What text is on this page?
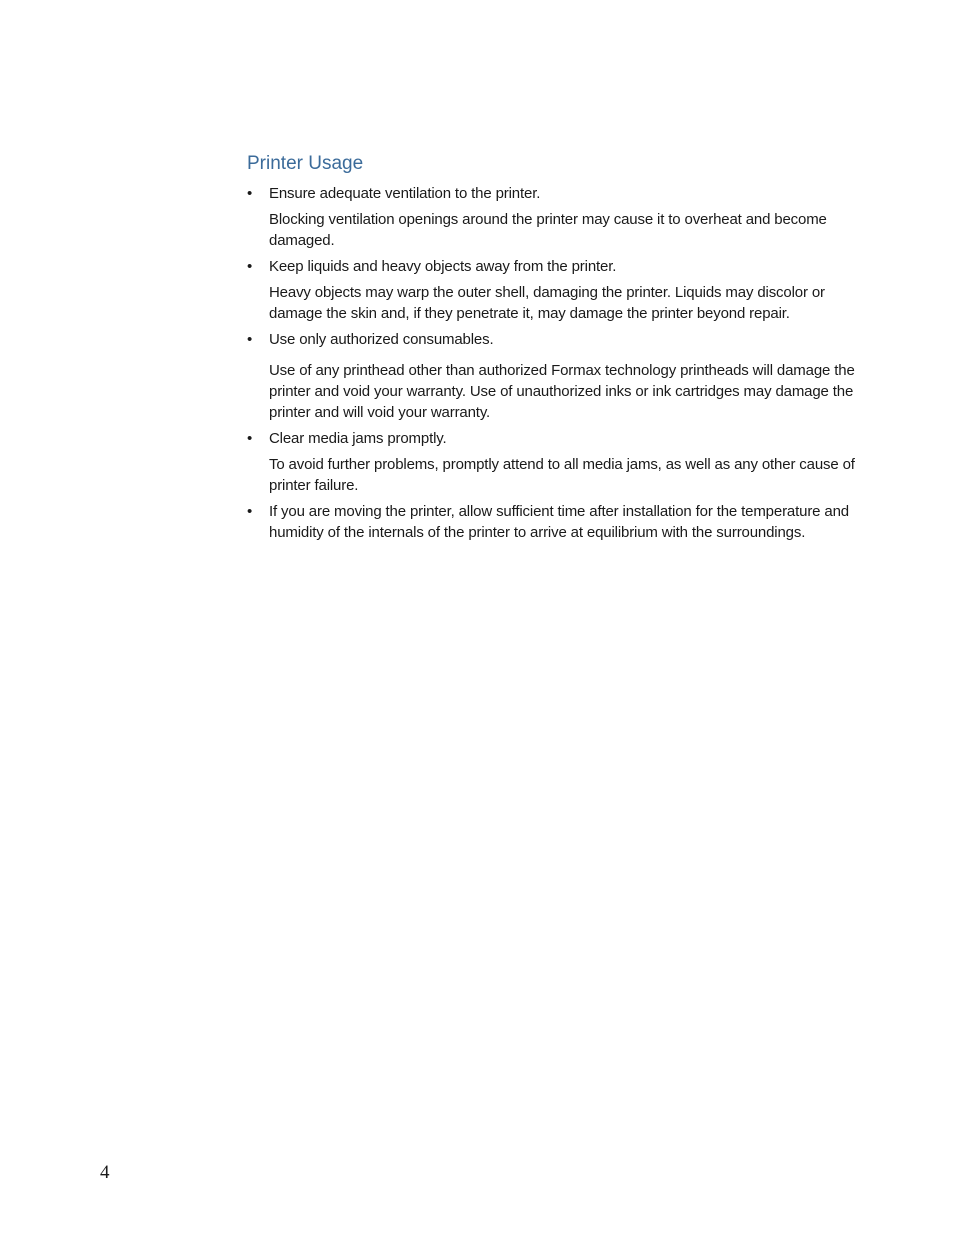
Printer Usage
• Ensure adequate ventilation to the printer.

Blocking ventilation openings around the printer may cause it to overheat and become damaged.

• Keep liquids and heavy objects away from the printer.

Heavy objects may warp the outer shell, damaging the printer. Liquids may discolor or damage the skin and, if they penetrate it, may damage the printer beyond repair.

• Use only authorized consumables.

Use of any printhead other than authorized Formax technology printheads will damage the printer and void your warranty. Use of unauthorized inks or ink cartridges may damage the printer and will void your warranty.

• Clear media jams promptly.

To avoid further problems, promptly attend to all media jams, as well as any other cause of printer failure.

• If you are moving the printer, allow sufficient time after installation for the temperature and humidity of the internals of the printer to arrive at equilibrium with the surroundings.

4
